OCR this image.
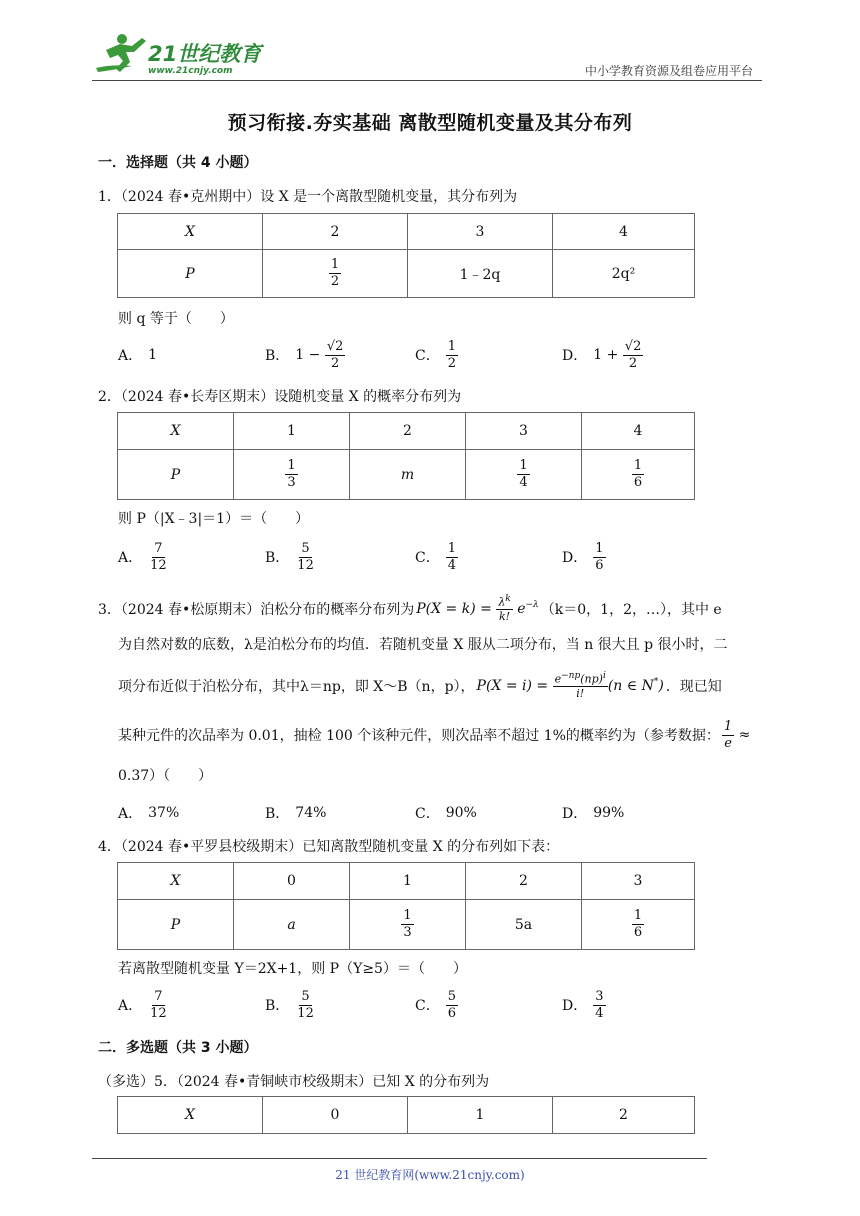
21世纪教育
www.21cnjy.com	中小学教育资源及组卷应用平台
预习衔接.夯实基础 离散型随机变量及其分布列
一．选择题（共 4 小题）
1．（2024 春•克州期中）设 X 是一个离散型随机变量，其分布列为
X	2	3	4
P	$\frac{1}{2}$	1﹣2q	2q²
则 q 等于（　　）
A． 1	B． $1 - \frac{√2}{2}$	C． $\frac{1}{2}$	D． $1 + \frac{√2}{2}$
2．（2024 春•长寿区期末）设随机变量 X 的概率分布列为
X	1	2	3	4
P	$\frac{1}{3}$	m	$\frac{1}{4}$	$\frac{1}{6}$
则 P（|X﹣3|＝1）＝（　　）
A． $\frac{7}{12}$	B． $\frac{5}{12}$	C． $\frac{1}{4}$	D． $\frac{1}{6}$
3．（2024 春•松原期末）泊松分布的概率分布列为 $P(X = k) = \frac{\lambda^k}{k!} e^{-\lambda}$ （k＝0，1，2，…），其中 e
为自然对数的底数，λ是泊松分布的均值．若随机变量 X 服从二项分布，当 n 很大且 p 很小时，二
项分布近似于泊松分布，其中λ＝np，即 X～B（n，p）， $P(X = i) = \frac{e^{-np}(np)^i}{i!} (n$ ∈ N*) ．现已知
某种元件的次品率为 0.01，抽检 100 个该种元件，则次品率不超过 1%的概率约为（参考数据： $\frac{1}{e}$ ≈
0.37）（　　）
A． 37%	B． 74%	C． 90%	D． 99%
4．（2024 春•平罗县校级期末）已知离散型随机变量 X 的分布列如下表：
X	0	1	2	3
P	a	$\frac{1}{3}$	5a	$\frac{1}{6}$
若离散型随机变量 Y＝2X+1，则 P（Y≥5）＝（　　）
A． $\frac{7}{12}$	B． $\frac{5}{12}$	C． $\frac{5}{6}$	D． $\frac{3}{4}$
二．多选题（共 3 小题）
（多选）5．（2024 春•青铜峡市校级期末）已知 X 的分布列为
X	0	1	2
21 世纪教育网(www.21cnjy.com)
